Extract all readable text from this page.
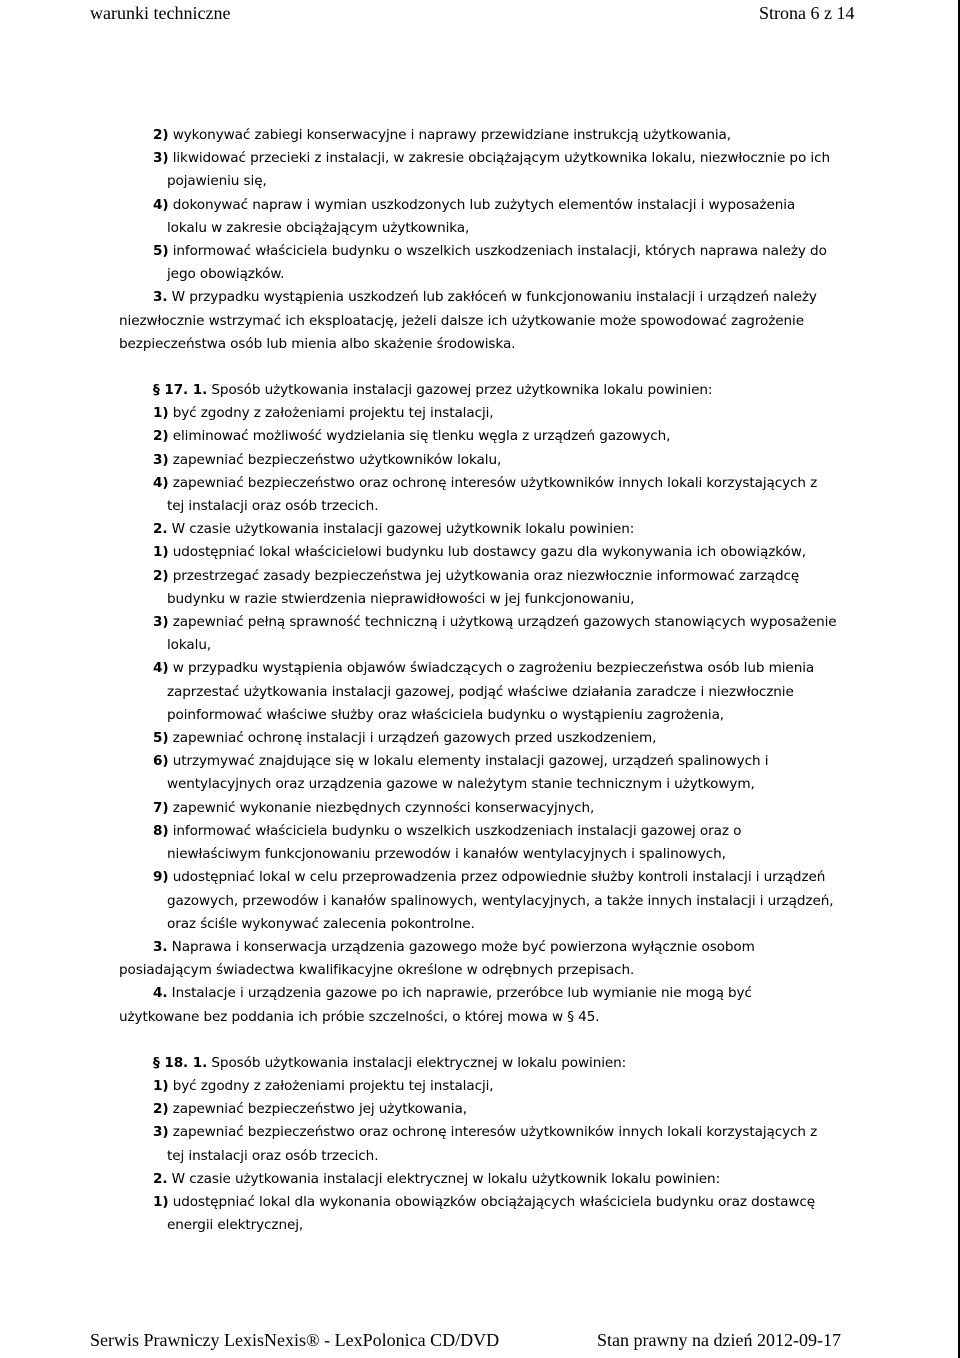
warunki techniczne	Strona 6 z 14

2) wykonywać zabiegi konserwacyjne i naprawy przewidziane instrukcją użytkowania,

3) likwidować przecieki z instalacji, w zakresie obciążającym użytkownika lokalu, niezwłocznie po ich

pojawieniu się,

4) dokonywać napraw i wymian uszkodzonych lub zużytych elementów instalacji i wyposażenia

lokalu w zakresie obciążającym użytkownika,

5) informować właściciela budynku o wszelkich uszkodzeniach instalacji, których naprawa należy do

jego obowiązków.

3. W przypadku wystąpienia uszkodzeń lub zakłóceń w funkcjonowaniu instalacji i urządzeń należy

niezwłocznie wstrzymać ich eksploatację, jeżeli dalsze ich użytkowanie może spowodować zagrożenie

bezpieczeństwa osób lub mienia albo skażenie środowiska.

§ 17. 1. Sposób użytkowania instalacji gazowej przez użytkownika lokalu powinien:

1) być zgodny z założeniami projektu tej instalacji,

2) eliminować możliwość wydzielania się tlenku węgla z urządzeń gazowych,

3) zapewniać bezpieczeństwo użytkowników lokalu,

4) zapewniać bezpieczeństwo oraz ochronę interesów użytkowników innych lokali korzystających z

tej instalacji oraz osób trzecich.

2. W czasie użytkowania instalacji gazowej użytkownik lokalu powinien:

1) udostępniać lokal właścicielowi budynku lub dostawcy gazu dla wykonywania ich obowiązków,

2) przestrzegać zasady bezpieczeństwa jej użytkowania oraz niezwłocznie informować zarządcę

budynku w razie stwierdzenia nieprawidłowości w jej funkcjonowaniu,

3) zapewniać pełną sprawność techniczną i użytkową urządzeń gazowych stanowiących wyposażenie

lokalu,

4) w przypadku wystąpienia objawów świadczących o zagrożeniu bezpieczeństwa osób lub mienia

zaprzestać użytkowania instalacji gazowej, podjąć właściwe działania zaradcze i niezwłocznie

poinformować właściwe służby oraz właściciela budynku o wystąpieniu zagrożenia,

5) zapewniać ochronę instalacji i urządzeń gazowych przed uszkodzeniem,

6) utrzymywać znajdujące się w lokalu elementy instalacji gazowej, urządzeń spalinowych i

wentylacyjnych oraz urządzenia gazowe w należytym stanie technicznym i użytkowym,

7) zapewnić wykonanie niezbędnych czynności konserwacyjnych,

8) informować właściciela budynku o wszelkich uszkodzeniach instalacji gazowej oraz o

niewłaściwym funkcjonowaniu przewodów i kanałów wentylacyjnych i spalinowych,

9) udostępniać lokal w celu przeprowadzenia przez odpowiednie służby kontroli instalacji i urządzeń

gazowych, przewodów i kanałów spalinowych, wentylacyjnych, a także innych instalacji i urządzeń,

oraz ściśle wykonywać zalecenia pokontrolne.

3. Naprawa i konserwacja urządzenia gazowego może być powierzona wyłącznie osobom

posiadającym świadectwa kwalifikacyjne określone w odrębnych przepisach.

4. Instalacje i urządzenia gazowe po ich naprawie, przeróbce lub wymianie nie mogą być

użytkowane bez poddania ich próbie szczelności, o której mowa w § 45.

§ 18. 1. Sposób użytkowania instalacji elektrycznej w lokalu powinien:

1) być zgodny z założeniami projektu tej instalacji,

2) zapewniać bezpieczeństwo jej użytkowania,

3) zapewniać bezpieczeństwo oraz ochronę interesów użytkowników innych lokali korzystających z

tej instalacji oraz osób trzecich.

2. W czasie użytkowania instalacji elektrycznej w lokalu użytkownik lokalu powinien:

1) udostępniać lokal dla wykonania obowiązków obciążających właściciela budynku oraz dostawcę

energii elektrycznej,

Serwis Prawniczy LexisNexis® - LexPolonica CD/DVD	Stan prawny na dzień 2012-09-17
